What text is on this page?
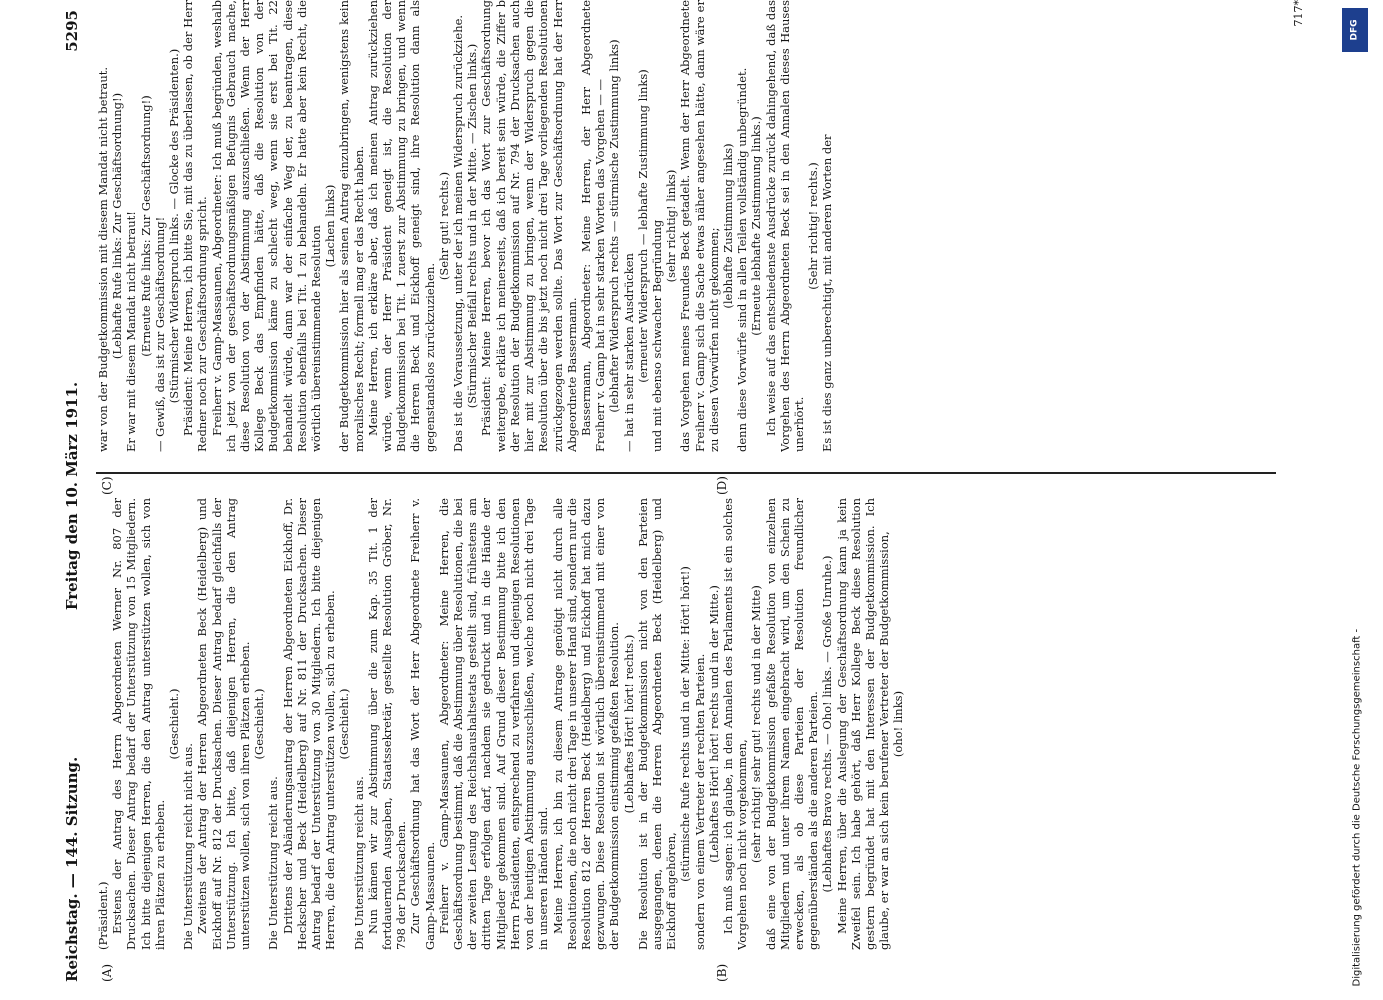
Reichstag. — 144. Sitzung.
Freitag den 10. März 1911.
5295
(A)	(B)
(C)	(D)

(Präsident.) Erstens der Antrag des Herrn Abgeordneten Werner Nr. 807 der Drucksachen. Dieser Antrag bedarf der Unterstützung von 15 Mitgliedern. Ich bitte diejenigen Herren, die den Antrag unterstützen wollen, sich von ihren Plätzen zu erheben.

(Geschieht.)

Die Unterstützung reicht nicht aus. Zweitens der Antrag der Herren Abgeordneten Beck (Heidelberg) und Eickhoff auf Nr. 812 der Drucksachen. Dieser Antrag bedarf gleichfalls der Unterstützung. Ich bitte, daß diejenigen Herren, die den Antrag unterstützen wollen, sich von ihren Plätzen erheben. (Geschieht.)

Die Unterstützung reicht aus. Drittens der Abänderungsantrag der Herren Abgeordneten Eickhoff, Dr. Heckscher und Beck (Heidelberg) auf Nr. 811 der Drucksachen. Dieser Antrag bedarf der Unterstützung von 30 Mitgliedern. Ich bitte diejenigen Herren, die den Antrag unterstützen wollen, sich zu erheben. (Geschieht.)

Die Unterstützung reicht aus. Nun kämen wir zur Abstimmung über die zum Kap. 35 Tit. 1 der fortdauernden Ausgaben, Staatssekretär, gestellte Resolution Gröber, Nr. 798 der Drucksachen. Zur Geschäftsordnung hat das Wort der Herr Abgeordnete Freiherr v. Gamp-Massaunen. Freiherr v. Gamp-Massaunen, Abgeordneter: Meine Herren, die Geschäftsordnung bestimmt, daß die Abstimmung über Resolutionen, die bei der zweiten Lesung des Reichshaushaltsetats gestellt sind, frühestens am dritten Tage erfolgen darf, nachdem sie gedruckt und in die Hände der Mitglieder gekommen sind. Auf Grund dieser Bestimmung bitte ich den Herrn Präsidenten, entsprechend zu verfahren und diejenigen Resolutionen von der heutigen Abstimmung auszuschließen, welche noch nicht drei Tage in unseren Händen sind. Meine Herren, ich bin zu diesem Antrage genötigt nicht durch alle Resolutionen, die noch nicht drei Tage in unserer Hand sind, sondern nur die Resolution 812 der Herren Beck (Heidelberg) und Eickhoff hat mich dazu gezwungen. Diese Resolution ist wörtlich übereinstimmend mit einer von der Budgetkommission einstimmig gefaßten Resolution. (Lebhaftes Hört! hört! rechts.) Die Resolution ist in der Budgetkommission nicht von den Parteien ausgegangen, denen die Herren Abgeordneten Beck (Heidelberg) und Eickhoff angehören,

(stürmische Rufe rechts und in der Mitte: Hört! hört!) sondern von einem Vertreter der rechten Parteien. (Lebhaftes Hört! hört! rechts und in der Mitte.) Ich muß sagen: ich glaube, in den Annalen des Parlaments ist ein solches Vorgehen noch nicht vorgekommen, (sehr richtig! sehr gut! rechts und in der Mitte) daß eine von der Budgetkommission gefaßte Resolution von einzelnen Mitgliedern und unter ihrem Namen eingebracht wird, um den Schein zu erwecken, als ob diese Parteien der Resolution freundlicher gegenüberständen als die anderen Parteien. (Lebhaftes Bravo rechts. — Oho! links. — Große Unruhe.) Meine Herren, über die Auslegung der Geschäftsordnung kann ja kein Zweifel sein. Ich habe gehört, daß Herr Kollege Beck diese Resolution gestern begründet hat mit den Interessen der Budgetkommission. Ich glaube, er war an sich kein berufener Vertreter der Budgetkommission, (oho! links)

war von der Budgetkommission mit diesem Mandat nicht betraut. (Lebhafte Rufe links: Zur Geschäftsordnung!) Er war mit diesem Mandat nicht betraut! (Erneute Rufe links: Zur Geschäftsordnung!) — Gewiß, das ist zur Geschäftsordnung! (Stürmischer Widerspruch links. — Glocke des Präsidenten.) Präsident: Meine Herren, ich bitte Sie, mit das zu überlassen, ob der Herr Redner noch zur Geschäftsordnung spricht. Freiherr v. Gamp-Massaunen, Abgeordneter: Ich muß begründen, weshalb ich jetzt von der geschäftsordnungsmäßigen Befugnis Gebrauch mache, diese Resolution von der Abstimmung auszuschließen. Wenn der Herr Kollege Beck das Empfinden hätte, daß die Resolution von der Budgetkommission käme zu schlecht weg, wenn sie erst bei Tit. 22 behandelt würde, dann war der einfache Weg der, zu beantragen, diese Resolution ebenfalls bei Tit. 1 zu behandeln. Er hatte aber kein Recht, die wörtlich übereinstimmende Resolution (Lachen links) der Budgetkommission hier als seinen Antrag einzubringen, wenigstens kein moralisches Recht; formell mag er das Recht haben. Meine Herren, ich erkläre aber, daß ich meinen Antrag zurückziehen würde, wenn der Herr Präsident geneigt ist, die Resolution der Budgetkommission bei Tit. 1 zuerst zur Abstimmung zu bringen, und wenn die Herren Beck und Eickhoff geneigt sind, ihre Resolution dann als gegenstandslos zurückzuziehen.

(Sehr gut! rechts.) Das ist die Voraussetzung, unter der ich meinen Widerspruch zurückziehe. (Stürmischer Beifall rechts und in der Mitte. — Zischen links.) Präsident: Meine Herren, bevor ich das Wort zur Geschäftsordnung weitergebe, erkläre ich meinerseits, daß ich bereit sein würde, die Ziffer b der Resolution der Budgetkommission auf Nr. 794 der Drucksachen auch hier mit zur Abstimmung zu bringen, wenn der Widerspruch gegen die Resolution über die bis jetzt noch nicht drei Tage vorliegenden Resolutionen zurückgezogen werden sollte. Das Wort zur Geschäftsordnung hat der Herr Abgeordnete Bassermann. Bassermann, Abgeordneter: Meine Herren, der Herr Abgeordnete Freiherr v. Gamp hat in sehr starken Worten das Vorgehen — — (lebhafter Widerspruch rechts — stürmische Zustimmung links) — hat in sehr starken Ausdrücken (erneuter Widerspruch — lebhafte Zustimmung links) und mit ebenso schwacher Begründung (sehr richtig! links) das Vorgehen meines Freundes Beck getadelt. Wenn der Herr Abgeordnete Freiherr v. Gamp sich die Sache etwas näher angesehen hätte, dann wäre er zu diesen Vorwürfen nicht gekommen;

(lebhafte Zustimmung links) denn diese Vorwürfe sind in allen Teilen vollständig unbegründet. (Erneute lebhafte Zustimmung links.) Ich weise auf das entschiedenste Ausdrücke zurück dahingehend, daß das Vorgehen des Herrn Abgeordneten Beck sei in den Annalen dieses Hauses unerhört.

(Sehr richtig! rechts.) Es ist dies ganz unberechtigt, mit anderen Worten der

717*
DFG
Digitalisierung gefördert durch die Deutsche Forschungsgemeinschaft -
